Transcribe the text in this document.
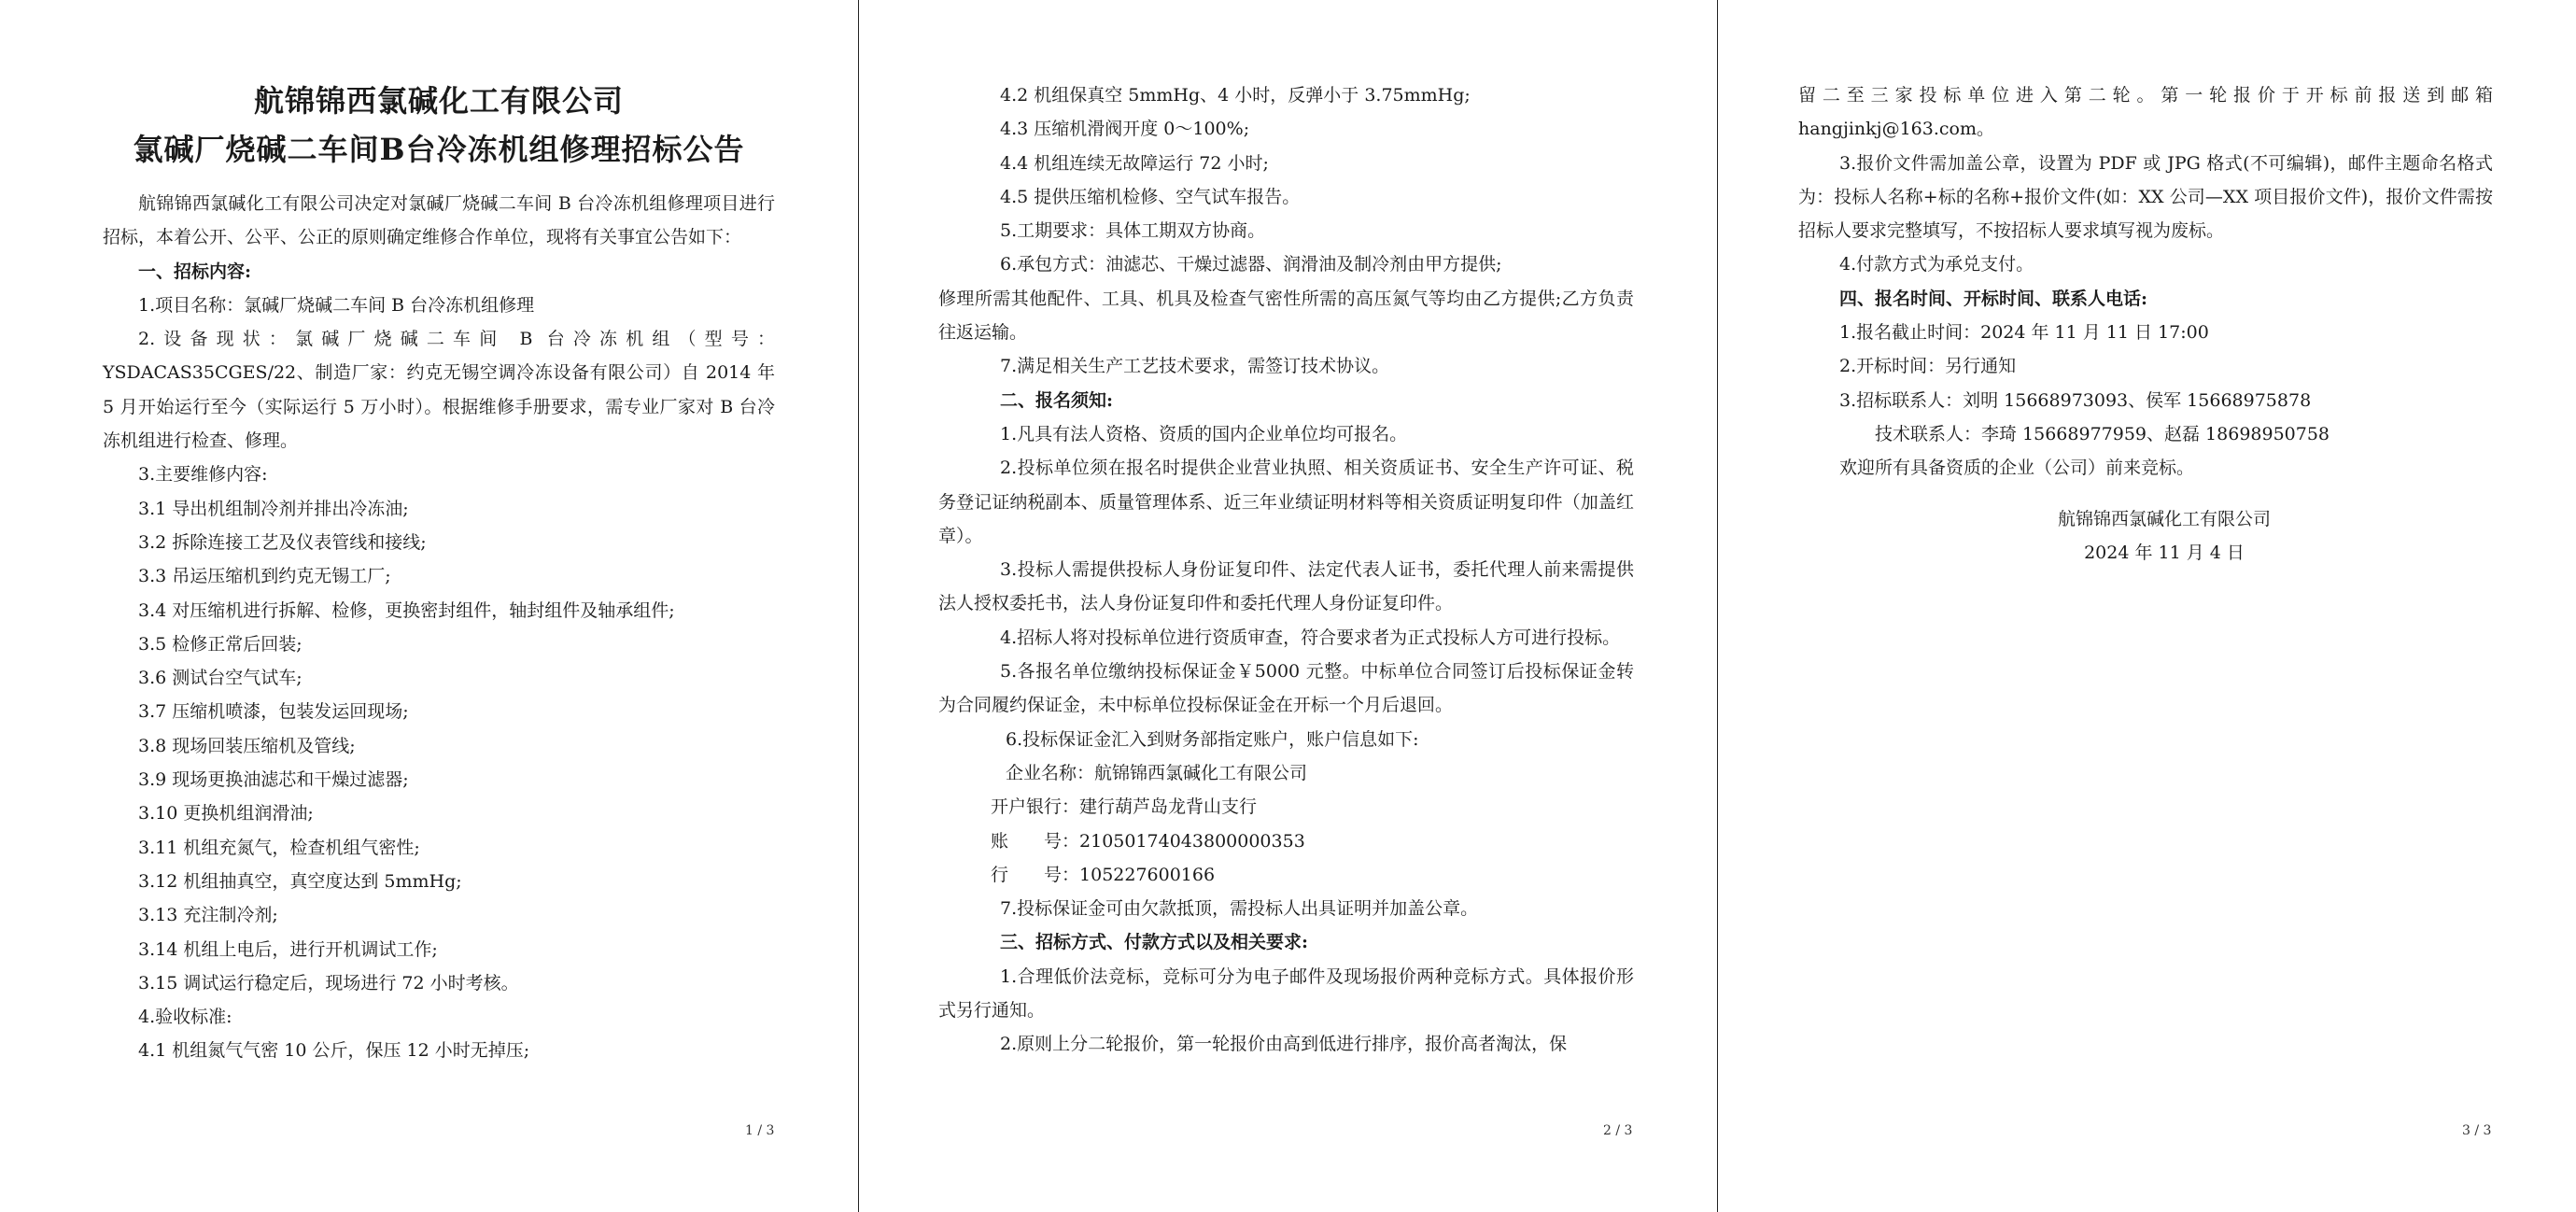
航锦锦西氯碱化工有限公司

氯碱厂烧碱二车间B台冷冻机组修理招标公告

航锦锦西氯碱化工有限公司决定对氯碱厂烧碱二车间 B 台冷冻机组修理项目进行招标，本着公开、公平、公正的原则确定维修合作单位，现将有关事宜公告如下：

一、招标内容:

1.项目名称：氯碱厂烧碱二车间 B 台冷冻机组修理

2.设备现状：氯碱厂烧碱二车间 B 台冷冻机组（型号：YSDACAS35CGES/22、制造厂家：约克无锡空调冷冻设备有限公司）自 2014 年 5 月开始运行至今（实际运行 5 万小时）。根据维修手册要求，需专业厂家对 B 台冷冻机组进行检查、修理。

3.主要维修内容:

3.1 导出机组制冷剂并排出冷冻油;

3.2 拆除连接工艺及仪表管线和接线;

3.3 吊运压缩机到约克无锡工厂;

3.4 对压缩机进行拆解、检修，更换密封组件，轴封组件及轴承组件;

3.5 检修正常后回装;

3.6 测试台空气试车;

3.7 压缩机喷漆，包装发运回现场;

3.8 现场回装压缩机及管线;

3.9 现场更换油滤芯和干燥过滤器;

3.10 更换机组润滑油;

3.11 机组充氮气，检查机组气密性;

3.12 机组抽真空，真空度达到 5mmHg;

3.13 充注制冷剂;

3.14 机组上电后，进行开机调试工作;

3.15 调试运行稳定后，现场进行 72 小时考核。

4.验收标准:

4.1 机组氮气气密 10 公斤，保压 12 小时无掉压;

1 / 3

4.2 机组保真空 5mmHg、4 小时，反弹小于 3.75mmHg;

4.3 压缩机滑阀开度 0～100%;

4.4 机组连续无故障运行 72 小时;

4.5 提供压缩机检修、空气试车报告。

5.工期要求：具体工期双方协商。

6.承包方式：油滤芯、干燥过滤器、润滑油及制冷剂由甲方提供;

修理所需其他配件、工具、机具及检查气密性所需的高压氮气等均由乙方提供;乙方负责往返运输。

7.满足相关生产工艺技术要求，需签订技术协议。

二、报名须知:

1.凡具有法人资格、资质的国内企业单位均可报名。

2.投标单位须在报名时提供企业营业执照、相关资质证书、安全生产许可证、税务登记证纳税副本、质量管理体系、近三年业绩证明材料等相关资质证明复印件（加盖红章）。

3.投标人需提供投标人身份证复印件、法定代表人证书，委托代理人前来需提供法人授权委托书，法人身份证复印件和委托代理人身份证复印件。

4.招标人将对投标单位进行资质审查，符合要求者为正式投标人方可进行投标。

5.各报名单位缴纳投标保证金￥5000 元整。中标单位合同签订后投标保证金转为合同履约保证金，未中标单位投标保证金在开标一个月后退回。

6.投标保证金汇入到财务部指定账户，账户信息如下:

企业名称： 航锦锦西氯碱化工有限公司

开户银行： 建行葫芦岛龙背山支行

账　　号： 21050174043800000353

行　　号： 105227600166

7.投标保证金可由欠款抵顶，需投标人出具证明并加盖公章。

三、招标方式、付款方式以及相关要求:

1.合理低价法竞标，竞标可分为电子邮件及现场报价两种竞标方式。具体报价形式另行通知。

2.原则上分二轮报价，第一轮报价由高到低进行排序，报价高者淘汰，保

2 / 3

留二至三家投标单位进入第二轮。第一轮报价于开标前报送到邮箱hangjinkj@163.com。

3.报价文件需加盖公章，设置为 PDF 或 JPG 格式(不可编辑)，邮件主题命名格式为：投标人名称+标的名称+报价文件(如：XX 公司—XX 项目报价文件)，报价文件需按招标人要求完整填写，不按招标人要求填写视为废标。

4.付款方式为承兑支付。

四、报名时间、开标时间、联系人电话:

1.报名截止时间：2024 年 11 月 11 日 17:00

2.开标时间：另行通知

3.招标联系人：刘明 15668973093、侯军 15668975878

技术联系人：李琦 15668977959、赵磊 18698950758

欢迎所有具备资质的企业（公司）前来竞标。

航锦锦西氯碱化工有限公司

2024 年 11 月 4 日

3 / 3
